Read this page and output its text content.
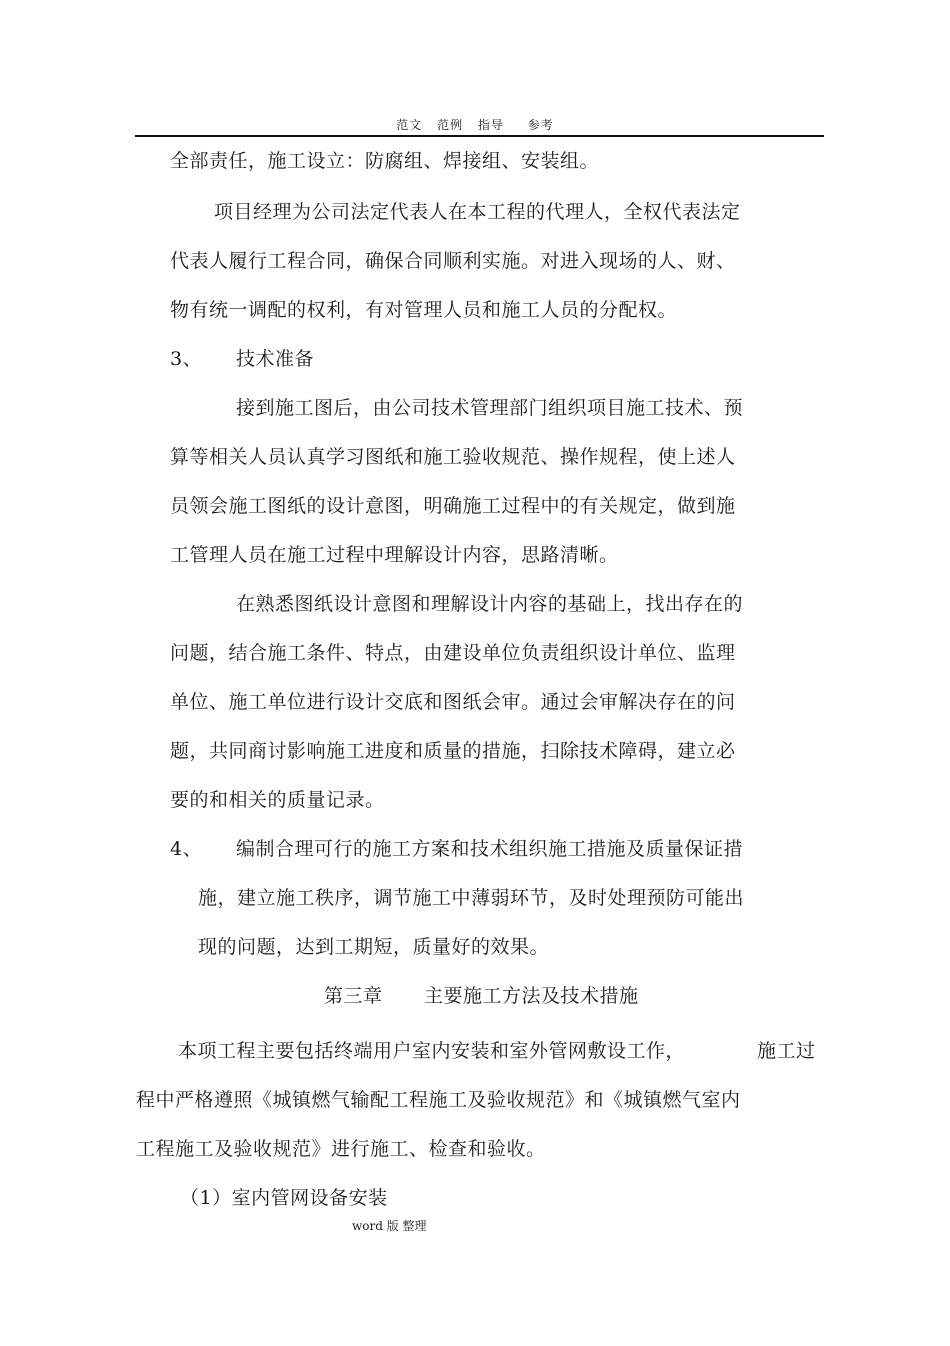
范文 范例 指导 参考
全部责任，施工设立：防腐组、焊接组、安装组。
项目经理为公司法定代表人在本工程的代理人，全权代表法定
代表人履行工程合同，确保合同顺利实施。对进入现场的人、财、
物有统一调配的权利，有对管理人员和施工人员的分配权。
3、 技术准备
接到施工图后，由公司技术管理部门组织项目施工技术、预
算等相关人员认真学习图纸和施工验收规范、操作规程，使上述人
员领会施工图纸的设计意图，明确施工过程中的有关规定，做到施
工管理人员在施工过程中理解设计内容，思路清晰。
在熟悉图纸设计意图和理解设计内容的基础上，找出存在的
问题，结合施工条件、特点，由建设单位负责组织设计单位、监理
单位、施工单位进行设计交底和图纸会审。通过会审解决存在的问
题，共同商讨影响施工进度和质量的措施，扫除技术障碍，建立必
要的和相关的质量记录。
4、 编制合理可行的施工方案和技术组织施工措施及质量保证措
施，建立施工秩序，调节施工中薄弱环节，及时处理预防可能出
现的问题，达到工期短，质量好的效果。
第三章 主要施工方法及技术措施
本项工程主要包括终端用户室内安装和室外管网敷设工作，	施工过
程中严格遵照《城镇燃气输配工程施工及验收规范》和《城镇燃气室内
工程施工及验收规范》进行施工、检查和验收。
（1）室内管网设备安装
word 版 整理
